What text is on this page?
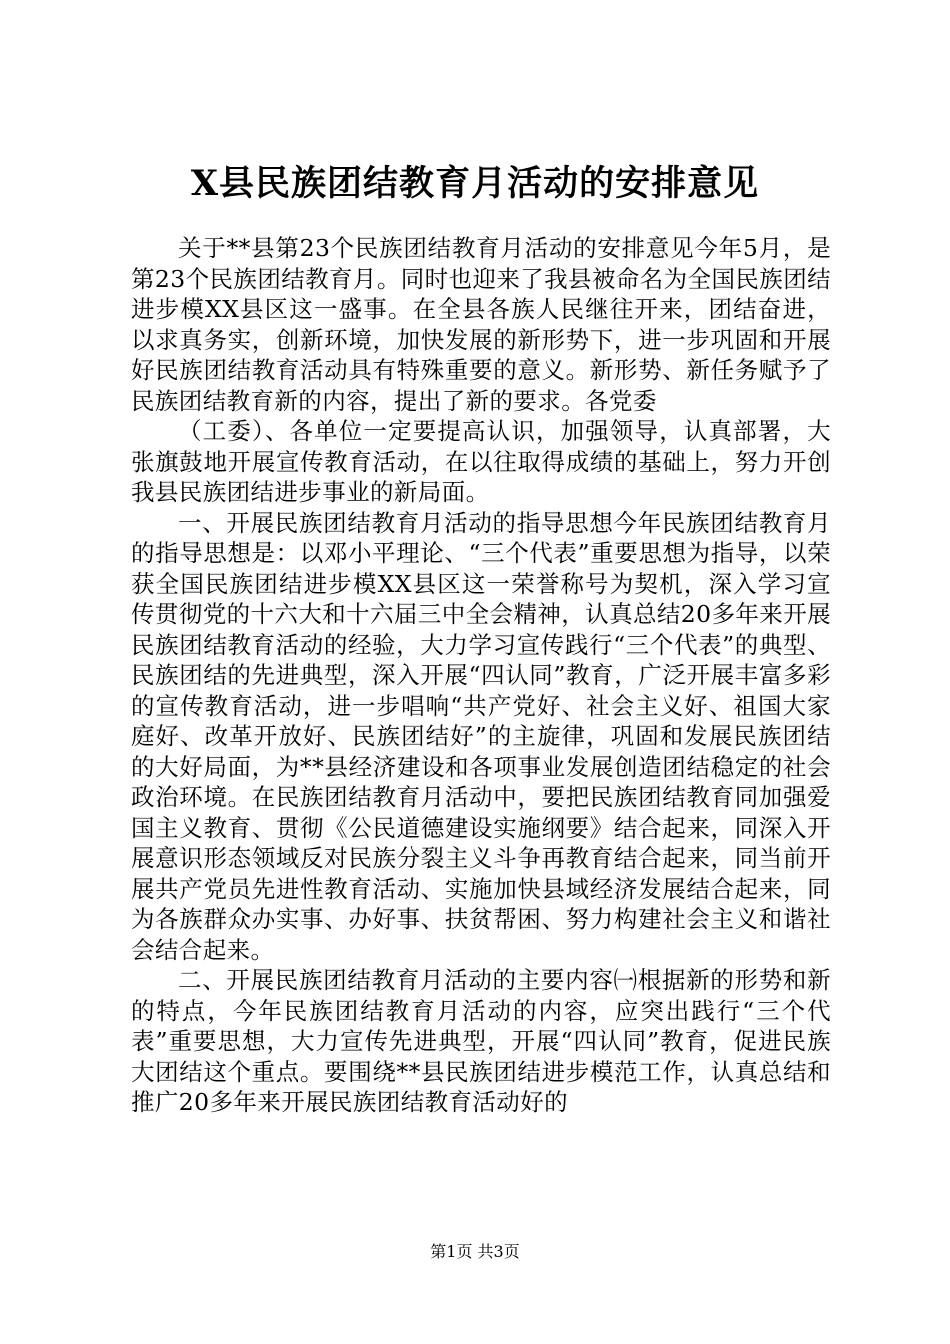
X县民族团结教育月活动的安排意见

关于**县第23个民族团结教育月活动的安排意见今年5月，是第23个民族团结教育月。同时也迎来了我县被命名为全国民族团结进步模XX县区这一盛事。在全县各族人民继往开来，团结奋进，以求真务实，创新环境，加快发展的新形势下，进一步巩固和开展好民族团结教育活动具有特殊重要的意义。新形势、新任务赋予了民族团结教育新的内容，提出了新的要求。各党委

（工委）、各单位一定要提高认识，加强领导，认真部署，大张旗鼓地开展宣传教育活动，在以往取得成绩的基础上，努力开创我县民族团结进步事业的新局面。

一、开展民族团结教育月活动的指导思想今年民族团结教育月的指导思想是：以邓小平理论、“三个代表”重要思想为指导，以荣获全国民族团结进步模XX县区这一荣誉称号为契机，深入学习宣传贯彻党的十六大和十六届三中全会精神，认真总结20多年来开展民族团结教育活动的经验，大力学习宣传践行“三个代表”的典型、民族团结的先进典型，深入开展“四认同”教育，广泛开展丰富多彩的宣传教育活动，进一步唱响“共产党好、社会主义好、祖国大家庭好、改革开放好、民族团结好”的主旋律，巩固和发展民族团结的大好局面，为**县经济建设和各项事业发展创造团结稳定的社会政治环境。在民族团结教育月活动中，要把民族团结教育同加强爱国主义教育、贯彻《公民道德建设实施纲要》结合起来，同深入开展意识形态领域反对民族分裂主义斗争再教育结合起来，同当前开展共产党员先进性教育活动、实施加快县域经济发展结合起来，同为各族群众办实事、办好事、扶贫帮困、努力构建社会主义和谐社会结合起来。

二、开展民族团结教育月活动的主要内容㈠根据新的形势和新的特点，今年民族团结教育月活动的内容，应突出践行“三个代表”重要思想，大力宣传先进典型，开展“四认同”教育，促进民族大团结这个重点。要围绕**县民族团结进步模范工作，认真总结和推广20多年来开展民族团结教育活动好的

第1页 共3页
